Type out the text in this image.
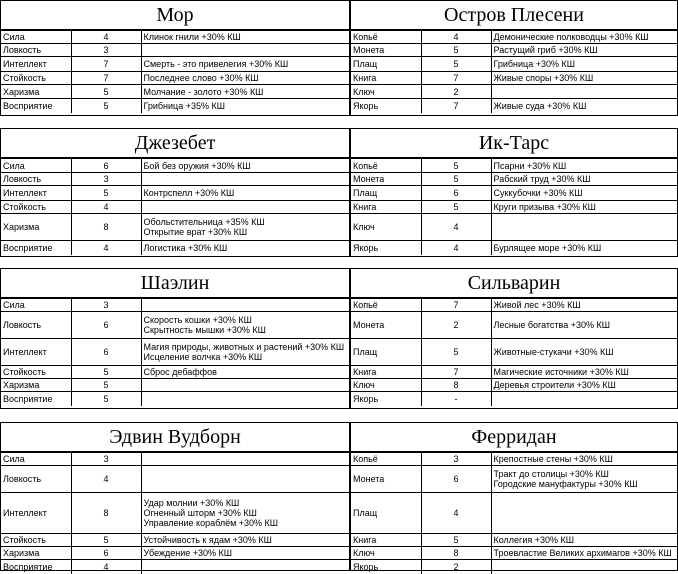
Мор
Сила	4	Клинок гнили +30% КШ

Ловкость	3	
Интеллект	7	Смерть - это привелегия +30% КШ

Стойкость	7	Последнее слово +30% КШ

Харизма	5	Молчание - золото +30% КШ

Восприятие	5	Грибница +35% КШ
Остров Плесени
Копьё	4	Демонические полководцы +30% КШ

Монета	5	Растущий гриб +30% КШ

Плащ	5	Грибница +30% КШ

Книга	7	Живые споры +30% КШ

Ключ	2	
Якорь	7	Живые суда +30% КШ
Джезебет
Сила	6	Бой без оружия +30% КШ

Ловкость	3	
Интеллект	5	Контрспелл +30% КШ

Стойкость	4	
Харизма	8	Обольстительница +35% КШ
Открытие врат +30% КШ

Восприятие	4	Логистика +30% КШ
Ик-Тарс
Копьё	5	Псарни +30% КШ

Монета	5	Рабский труд +30% КШ

Плащ	6	Суккубочки +30% КШ

Книга	5	Круги призыва +30% КШ

Ключ	4	
Якорь	4	Бурлящее море +30% КШ
Шаэлин
Сила	3	
Ловкость	6	Скорость кошки +30% КШ
Скрытность мышки +30% КШ

Интеллект	6	Магия природы, животных и растений +30% КШ
Исцеление волчка +30% КШ

Стойкость	5	Сброс дебаффов

Харизма	5	
Восприятие	5	
Сильварин
Копьё	7	Живой лес +30% КШ

Монета	2	Лесные богатства +30% КШ

Плащ	5	Животные-стукачи +30% КШ

Книга	7	Магические источники +30% КШ

Ключ	8	Деревья строители +30% КШ

Якорь	-	
Эдвин Вудборн
Сила	3	
Ловкость	4	
Интеллект	8	Удар молнии +30% КШ
Огненный шторм +30% КШ
Управление кораблём +30% КШ

Стойкость	5	Устойчивость к ядам +30% КШ

Харизма	6	Убеждение +30% КШ

Восприятие	4	
Ферридан
Копьё	3	Крепостные стены +30% КШ

Монета	6	Тракт до столицы +30% КШ
Городские мануфактуры +30% КШ

Плащ	4	
Книга	5	Коллегия +30% КШ

Ключ	8	Троевластие Великих архимагов +30% КШ

Якорь	2	
